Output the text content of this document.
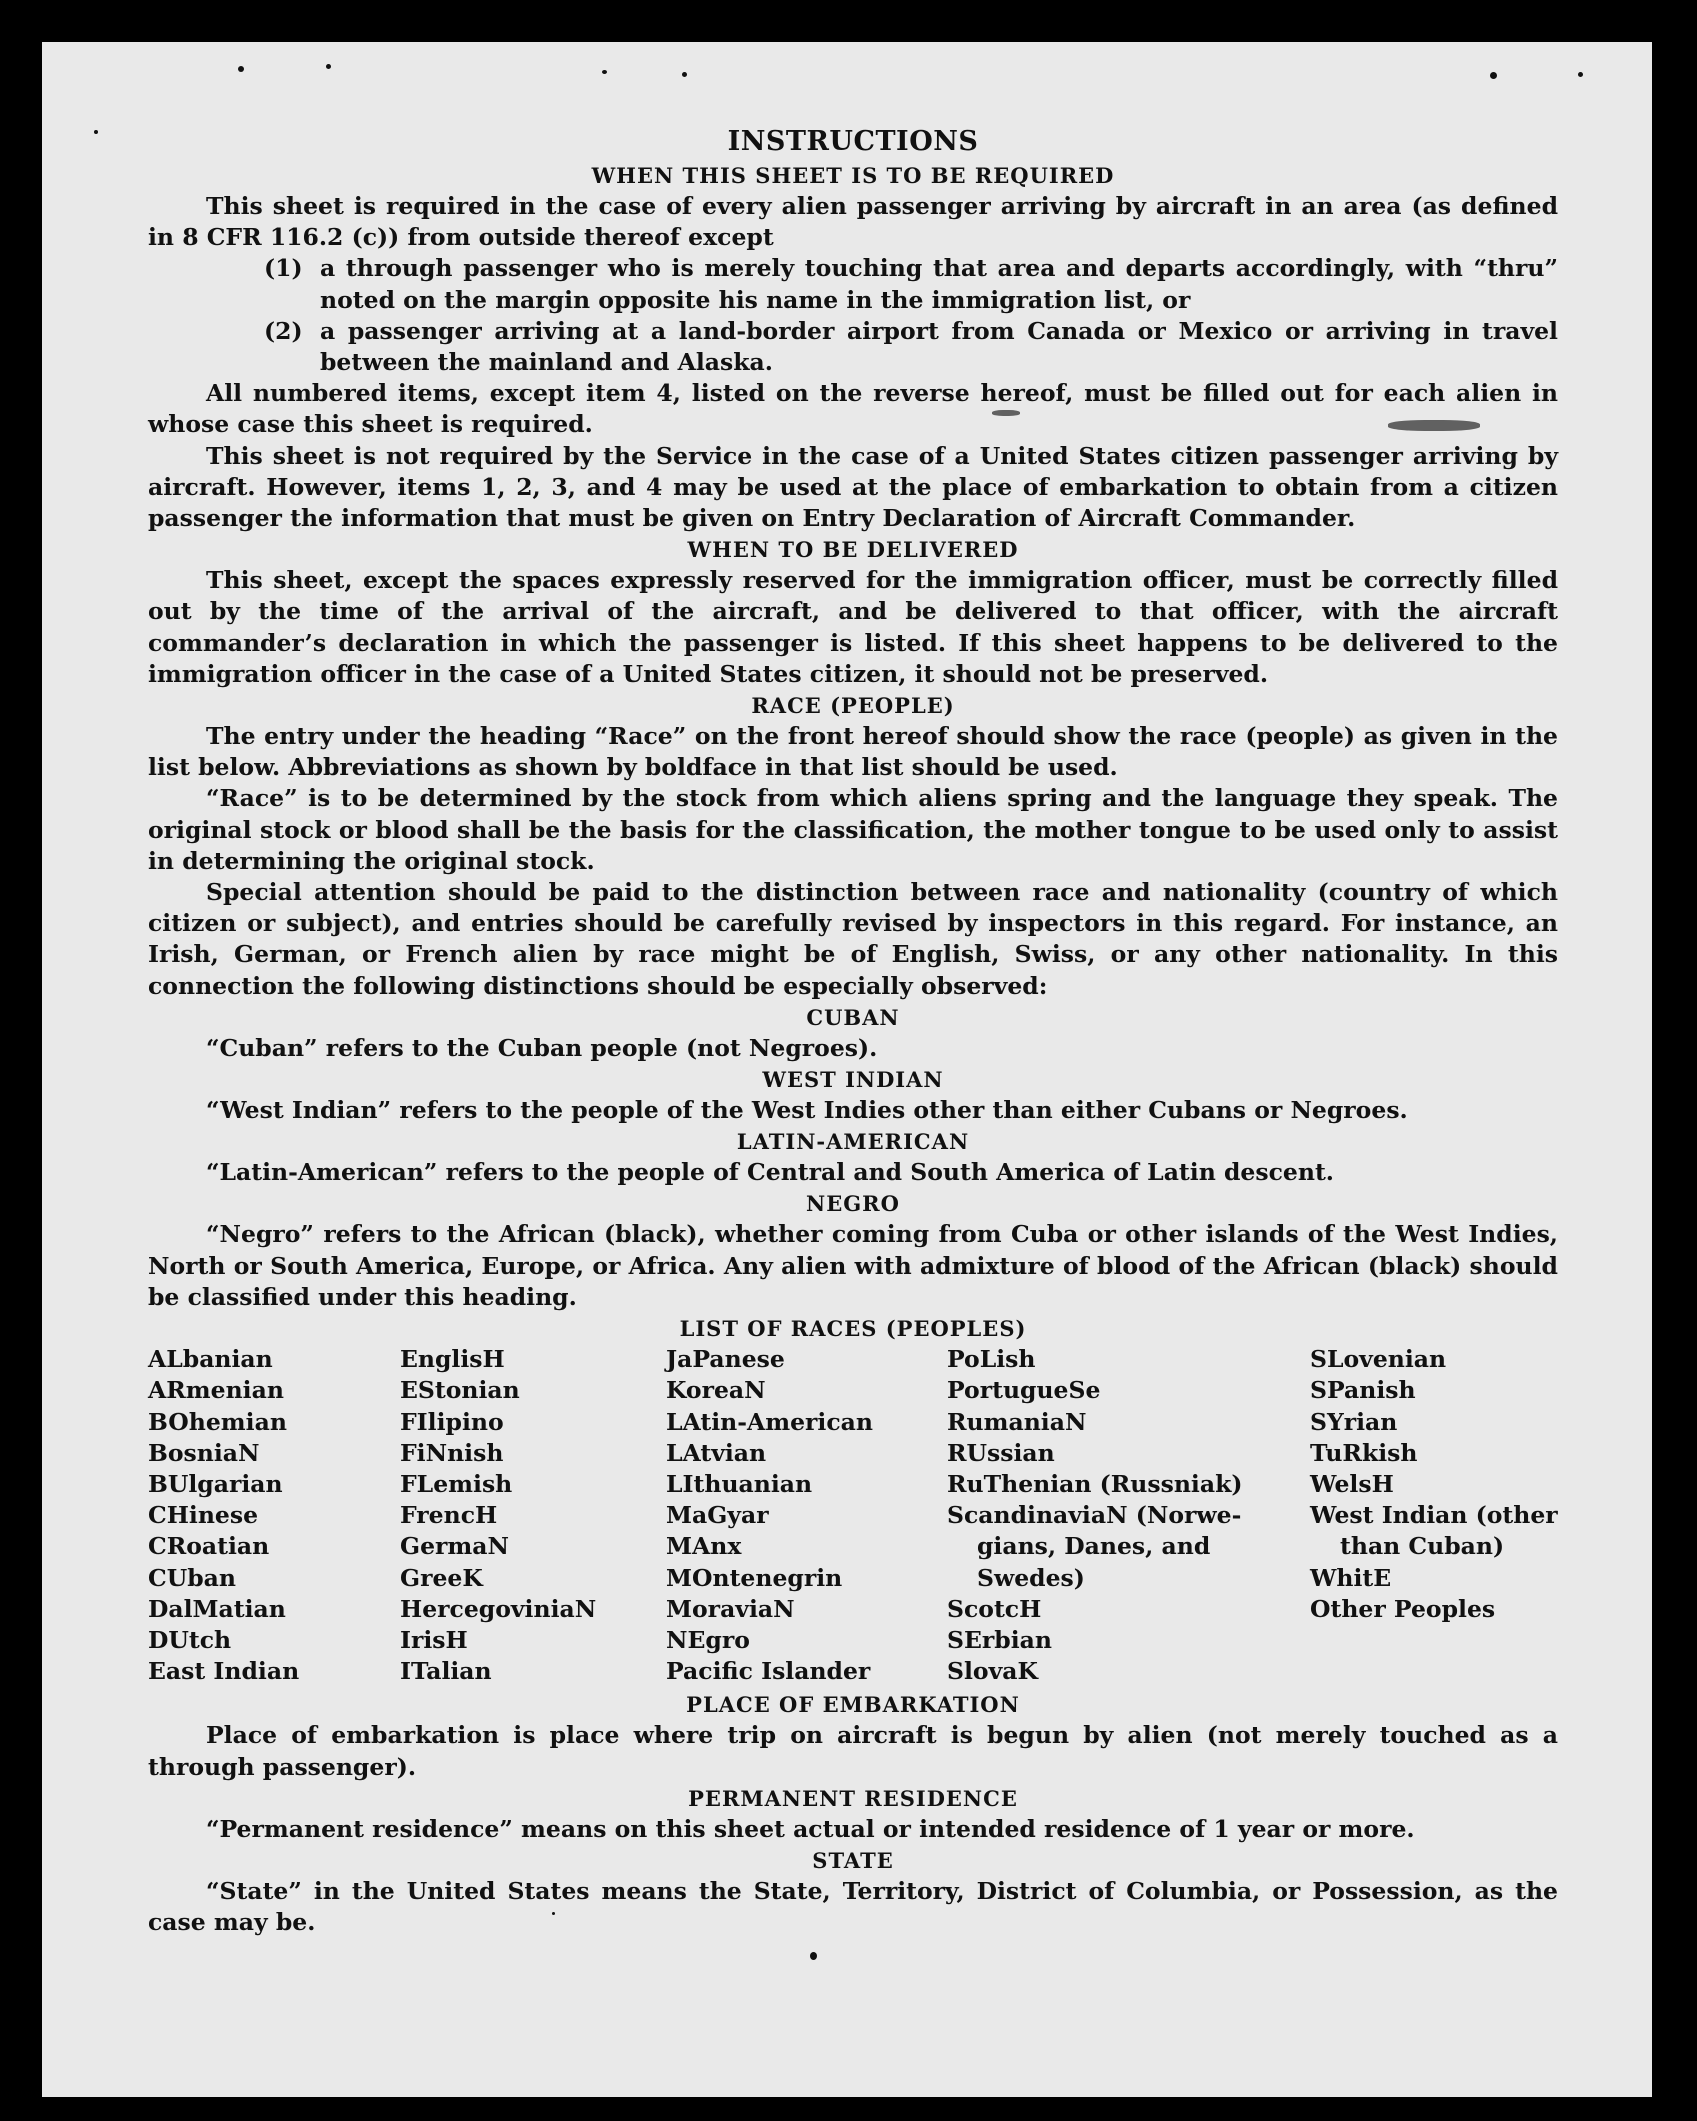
INSTRUCTIONS

WHEN THIS SHEET IS TO BE REQUIRED

This sheet is required in the case of every alien passenger arriving by aircraft in an area (as defined in 8 CFR 116.2 (c)) from outside thereof except

(1) a through passenger who is merely touching that area and departs accordingly, with “thru” noted on the margin opposite his name in the immigration list, or

(2) a passenger arriving at a land-border airport from Canada or Mexico or arriving in travel between the mainland and Alaska.

All numbered items, except item 4, listed on the reverse hereof, must be filled out for each alien in whose case this sheet is required.

This sheet is not required by the Service in the case of a United States citizen passenger arriving by aircraft. However, items 1, 2, 3, and 4 may be used at the place of embarkation to obtain from a citizen passenger the information that must be given on Entry Declaration of Aircraft Commander.

WHEN TO BE DELIVERED

This sheet, except the spaces expressly reserved for the immigration officer, must be correctly filled out by the time of the arrival of the aircraft, and be delivered to that officer, with the aircraft commander’s declaration in which the passenger is listed. If this sheet happens to be delivered to the immigration officer in the case of a United States citizen, it should not be preserved.

RACE (PEOPLE)

The entry under the heading “Race” on the front hereof should show the race (people) as given in the list below. Abbreviations as shown by boldface in that list should be used.

“Race” is to be determined by the stock from which aliens spring and the language they speak. The original stock or blood shall be the basis for the classification, the mother tongue to be used only to assist in determining the original stock.

Special attention should be paid to the distinction between race and nationality (country of which citizen or subject), and entries should be carefully revised by inspectors in this regard. For instance, an Irish, German, or French alien by race might be of English, Swiss, or any other nationality. In this connection the following distinctions should be especially observed:

CUBAN

“Cuban” refers to the Cuban people (not Negroes).

WEST INDIAN

“West Indian” refers to the people of the West Indies other than either Cubans or Negroes.

LATIN-AMERICAN

“Latin-American” refers to the people of Central and South America of Latin descent.

NEGRO

“Negro” refers to the African (black), whether coming from Cuba or other islands of the West Indies, North or South America, Europe, or Africa. Any alien with admixture of blood of the African (black) should be classified under this heading.

LIST OF RACES (PEOPLES)

ALbanian
ARmenian
BOhemian
BosniaN
BUlgarian
CHinese
CRoatian
CUban
DalMatian
DUtch
East Indian
EnglisH
EStonian
FIlipino
FiNnish
FLemish
FrencH
GermaN
GreeK
HercegoviniaN
IrisH
ITalian
JaPanese
KoreaN
LAtin-American
LAtvian
LIthuanian
MaGyar
MAnx
MOntenegrin
MoraviaN
NEgro
Pacific Islander
PoLish
PortugueSe
RumaniaN
RUssian
RuThenian (Russniak)
ScandinaviaN (Norwe-
gians, Danes, and
Swedes)
ScotcH
SErbian
SlovaK
SLovenian
SPanish
SYrian
TuRkish
WelsH
West Indian (other
than Cuban)
WhitE
Other Peoples

PLACE OF EMBARKATION

Place of embarkation is place where trip on aircraft is begun by alien (not merely touched as a through passenger).

PERMANENT RESIDENCE

“Permanent residence” means on this sheet actual or intended residence of 1 year or more.

STATE

“State” in the United States means the State, Territory, District of Columbia, or Possession, as the case may be.
